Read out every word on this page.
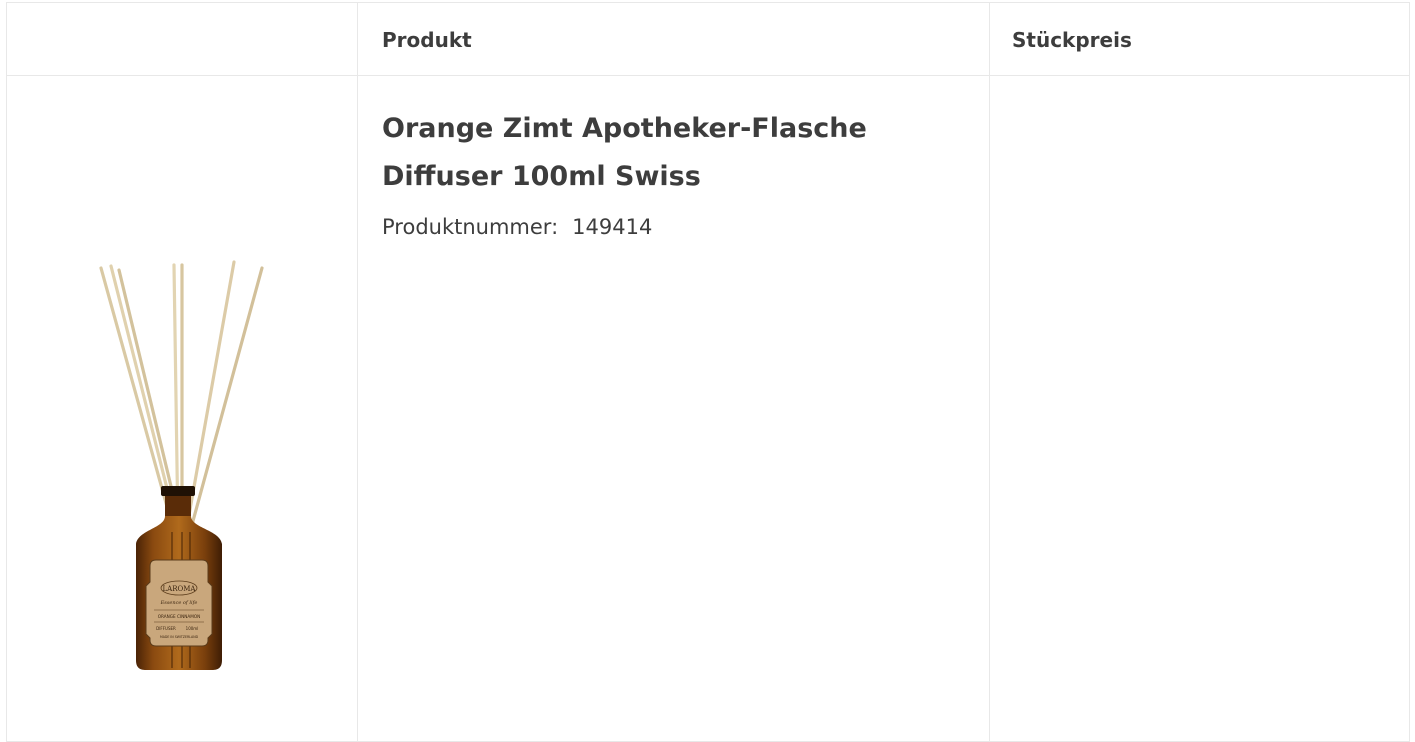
Produkt	Stückpreis
LAROMA
Essence of life
ORANGE CINNAMON
DIFFUSER 100ml
MADE IN SWITZERLAND
Orange Zimt Apotheker-Flasche Diffuser 100ml Swiss
Produktnummer: 149414
